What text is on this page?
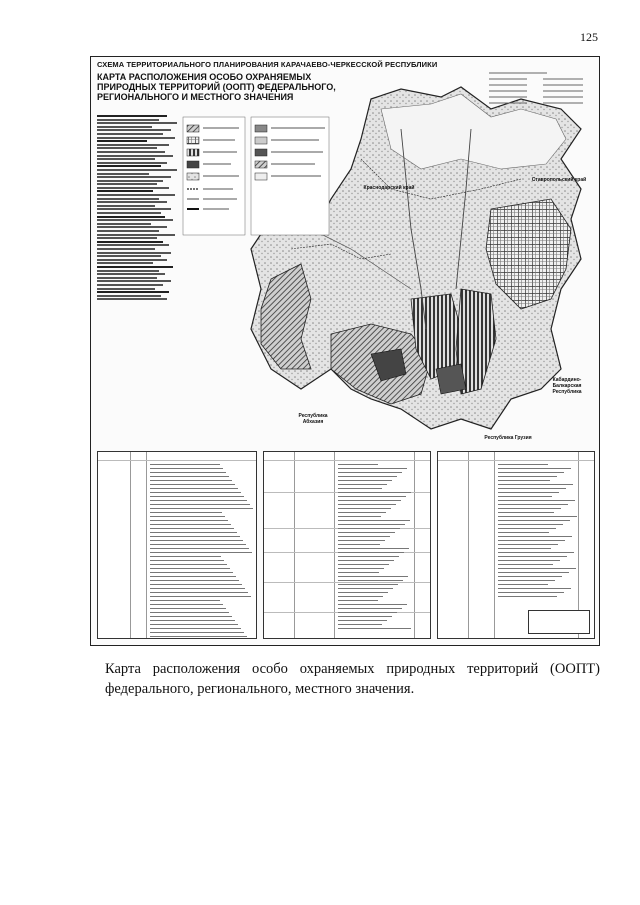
125
СХЕМА ТЕРРИТОРИАЛЬНОГО ПЛАНИРОВАНИЯ КАРАЧАЕВО-ЧЕРКЕССКОЙ РЕСПУБЛИКИ
Краснодарский край
Ставропольский край
Кабардино-Балкарская Республика
Республика Абхазия
Республика Грузия
КАРТА РАСПОЛОЖЕНИЯ ОСОБО ОХРАНЯЕМЫХ
ПРИРОДНЫХ ТЕРРИТОРИЙ (ООПТ) ФЕДЕРАЛЬНОГО,
РЕГИОНАЛЬНОГО И МЕСТНОГО ЗНАЧЕНИЯ
Карта расположения особо охраняемых природных территорий (ООПТ) федерального, регионального, местного значения.
